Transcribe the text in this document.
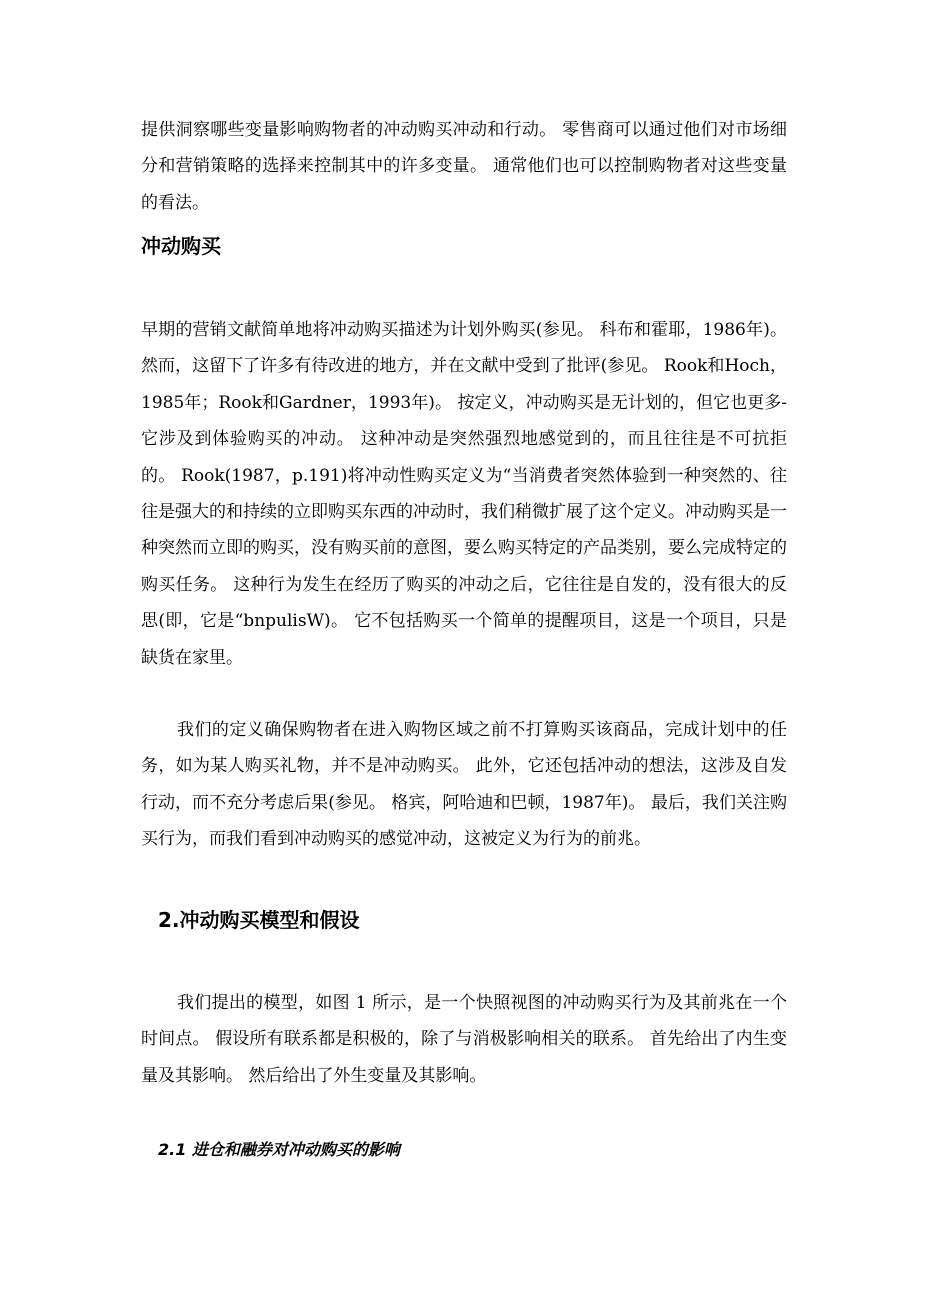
提供洞察哪些变量影响购物者的冲动购买冲动和行动。 零售商可以通过他们对市场细分和营销策略的选择来控制其中的许多变量。 通常他们也可以控制购物者对这些变量的看法。

冲动购买

早期的营销文献简单地将冲动购买描述为计划外购买(参见。 科布和霍耶，1986年)。 然而，这留下了许多有待改进的地方，并在文献中受到了批评(参见。 Rook和Hoch，1985年；Rook和Gardner，1993年)。 按定义，冲动购买是无计划的，但它也更多-它涉及到体验购买的冲动。 这种冲动是突然强烈地感觉到的，而且往往是不可抗拒的。 Rook(1987，p.191)将冲动性购买定义为“当消费者突然体验到一种突然的、往往是强大的和持续的立即购买东西的冲动时，我们稍微扩展了这个定义。冲动购买是一种突然而立即的购买，没有购买前的意图，要么购买特定的产品类别，要么完成特定的购买任务。 这种行为发生在经历了购买的冲动之后，它往往是自发的，没有很大的反思(即，它是“bnpulisW)。 它不包括购买一个简单的提醒项目，这是一个项目，只是缺货在家里。

我们的定义确保购物者在进入购物区域之前不打算购买该商品，完成计划中的任务，如为某人购买礼物，并不是冲动购买。 此外，它还包括冲动的想法，这涉及自发行动，而不充分考虑后果(参见。 格宾，阿哈迪和巴顿，1987年)。 最后，我们关注购买行为，而我们看到冲动购买的感觉冲动，这被定义为行为的前兆。

2.冲动购买模型和假设

我们提出的模型，如图 1 所示，是一个快照视图的冲动购买行为及其前兆在一个时间点。 假设所有联系都是积极的，除了与消极影响相关的联系。 首先给出了内生变量及其影响。 然后给出了外生变量及其影响。

2.1 进仓和融券对冲动购买的影响
